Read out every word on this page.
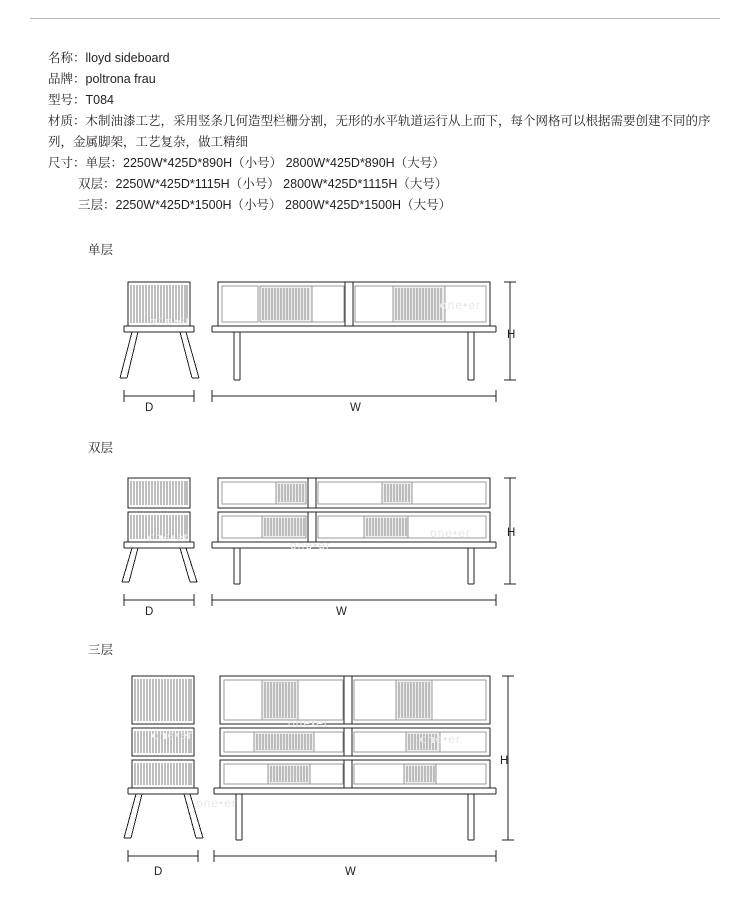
名称：lloyd sideboard
品牌：poltrona frau
型号：T084
材质：木制油漆工艺，采用竖条几何造型栏栅分割，无形的水平轨道运行从上而下，每个网格可以根据需要创建不同的序列，金属脚架，工艺复杂，做工精细
尺寸：单层：2250W*425D*890H（小号） 2800W*425D*890H（大号）
双层：2250W*425D*1115H（小号） 2800W*425D*1115H（大号）
三层：2250W*425D*1500H（小号） 2800W*425D*1500H（大号）
单层
one•er
one•er
D	W
H
双层
one•er
one•er
one•er
D	W
H
三层
one•er
one•er
one•er
one•er
D	W
H
